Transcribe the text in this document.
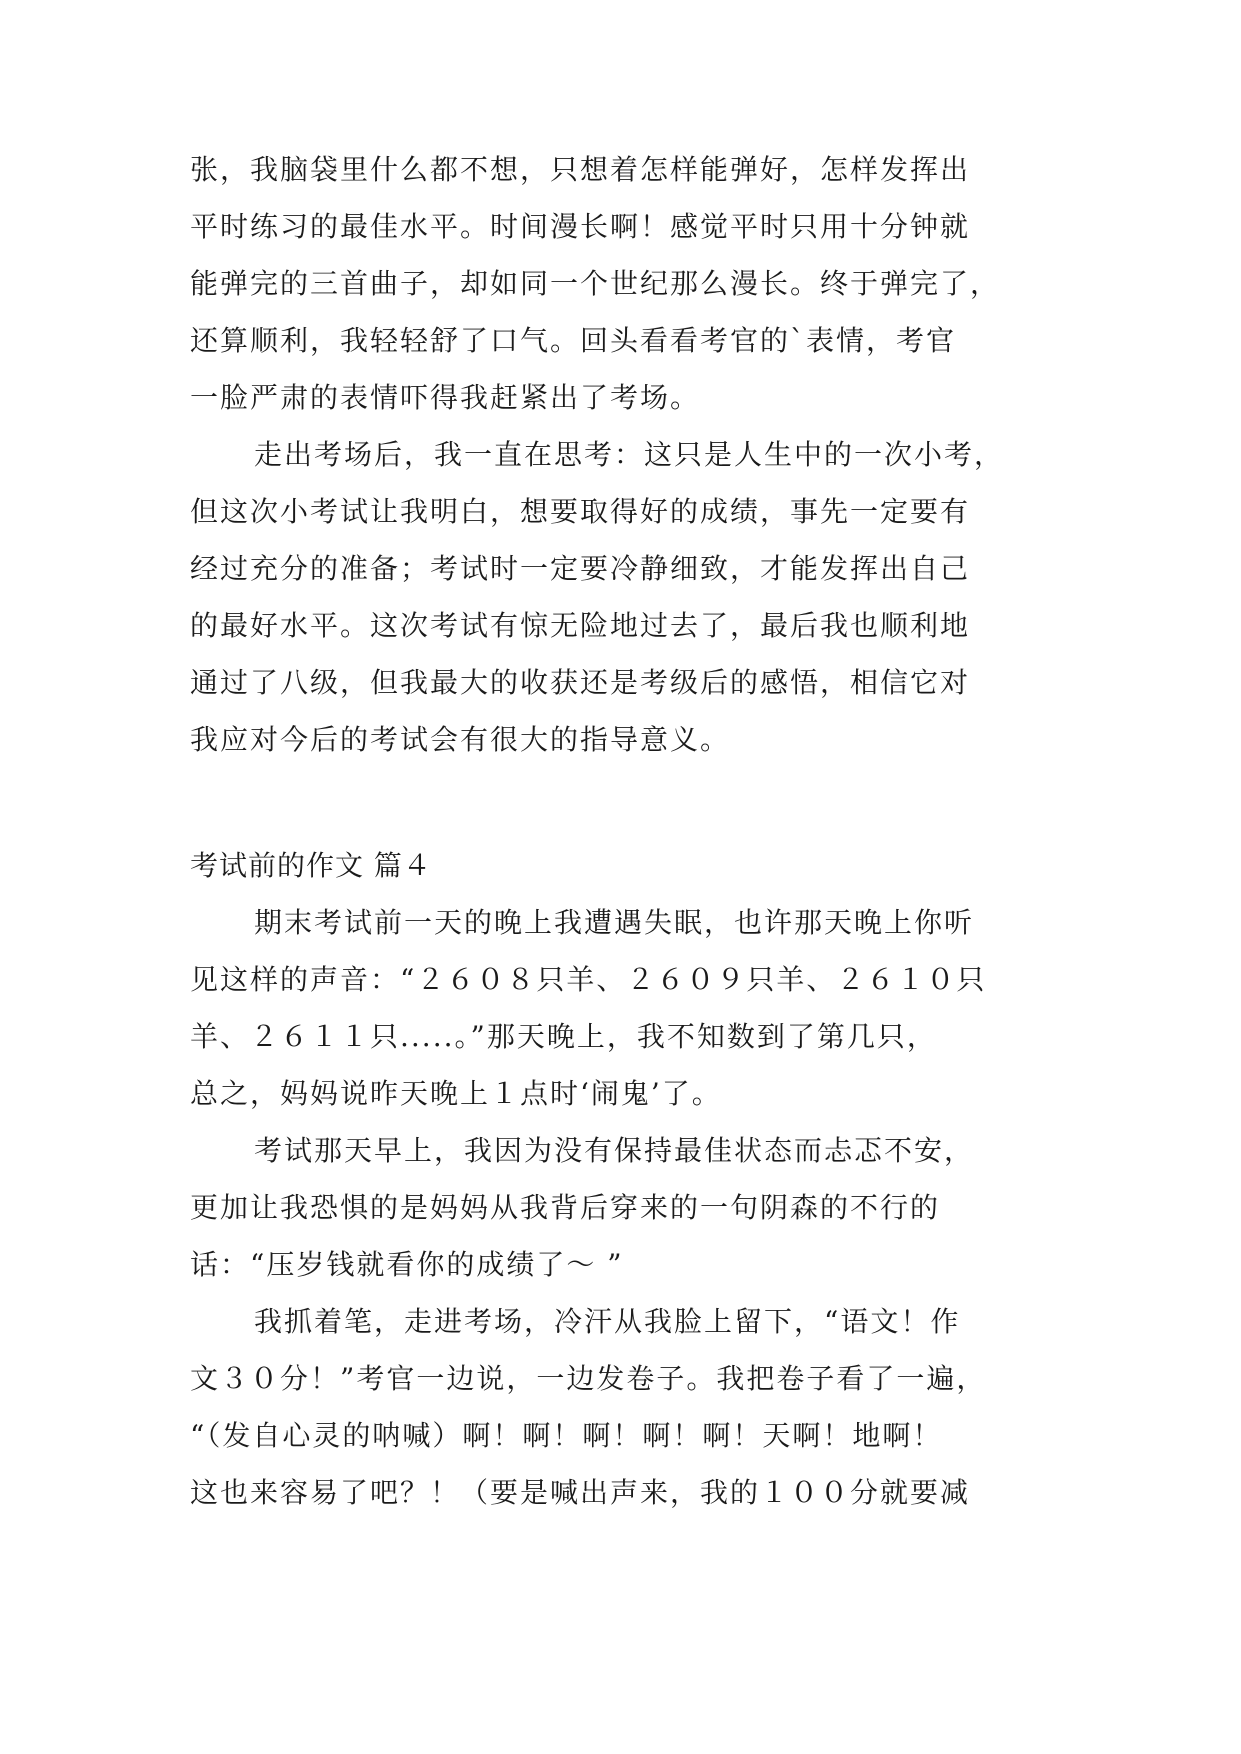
张，我脑袋里什么都不想，只想着怎样能弹好，怎样发挥出
平时练习的最佳水平。时间漫长啊！感觉平时只用十分钟就
能弹完的三首曲子，却如同一个世纪那么漫长。终于弹完了，
还算顺利，我轻轻舒了口气。回头看看考官的`表情，考官
一脸严肃的表情吓得我赶紧出了考场。
走出考场后，我一直在思考：这只是人生中的一次小考，
但这次小考试让我明白，想要取得好的成绩，事先一定要有
经过充分的准备；考试时一定要冷静细致，才能发挥出自己
的最好水平。这次考试有惊无险地过去了，最后我也顺利地
通过了八级，但我最大的收获还是考级后的感悟，相信它对
我应对今后的考试会有很大的指导意义。
考试前的作文 篇４
期末考试前一天的晚上我遭遇失眠，也许那天晚上你听
见这样的声音：“２６０８只羊、２６０９只羊、２６１０只
羊、２６１１只.....。”那天晚上，我不知数到了第几只，
总之，妈妈说昨天晚上１点时‘闹鬼’了。
考试那天早上，我因为没有保持最佳状态而忐忑不安，
更加让我恐惧的是妈妈从我背后穿来的一句阴森的不行的
话：“压岁钱就看你的成绩了～ ”
我抓着笔，走进考场，冷汗从我脸上留下，“语文！作
文３０分！”考官一边说，一边发卷子。我把卷子看了一遍，
“（发自心灵的呐喊）啊！啊！啊！啊！啊！天啊！地啊！
这也来容易了吧？！（要是喊出声来，我的１００分就要减
